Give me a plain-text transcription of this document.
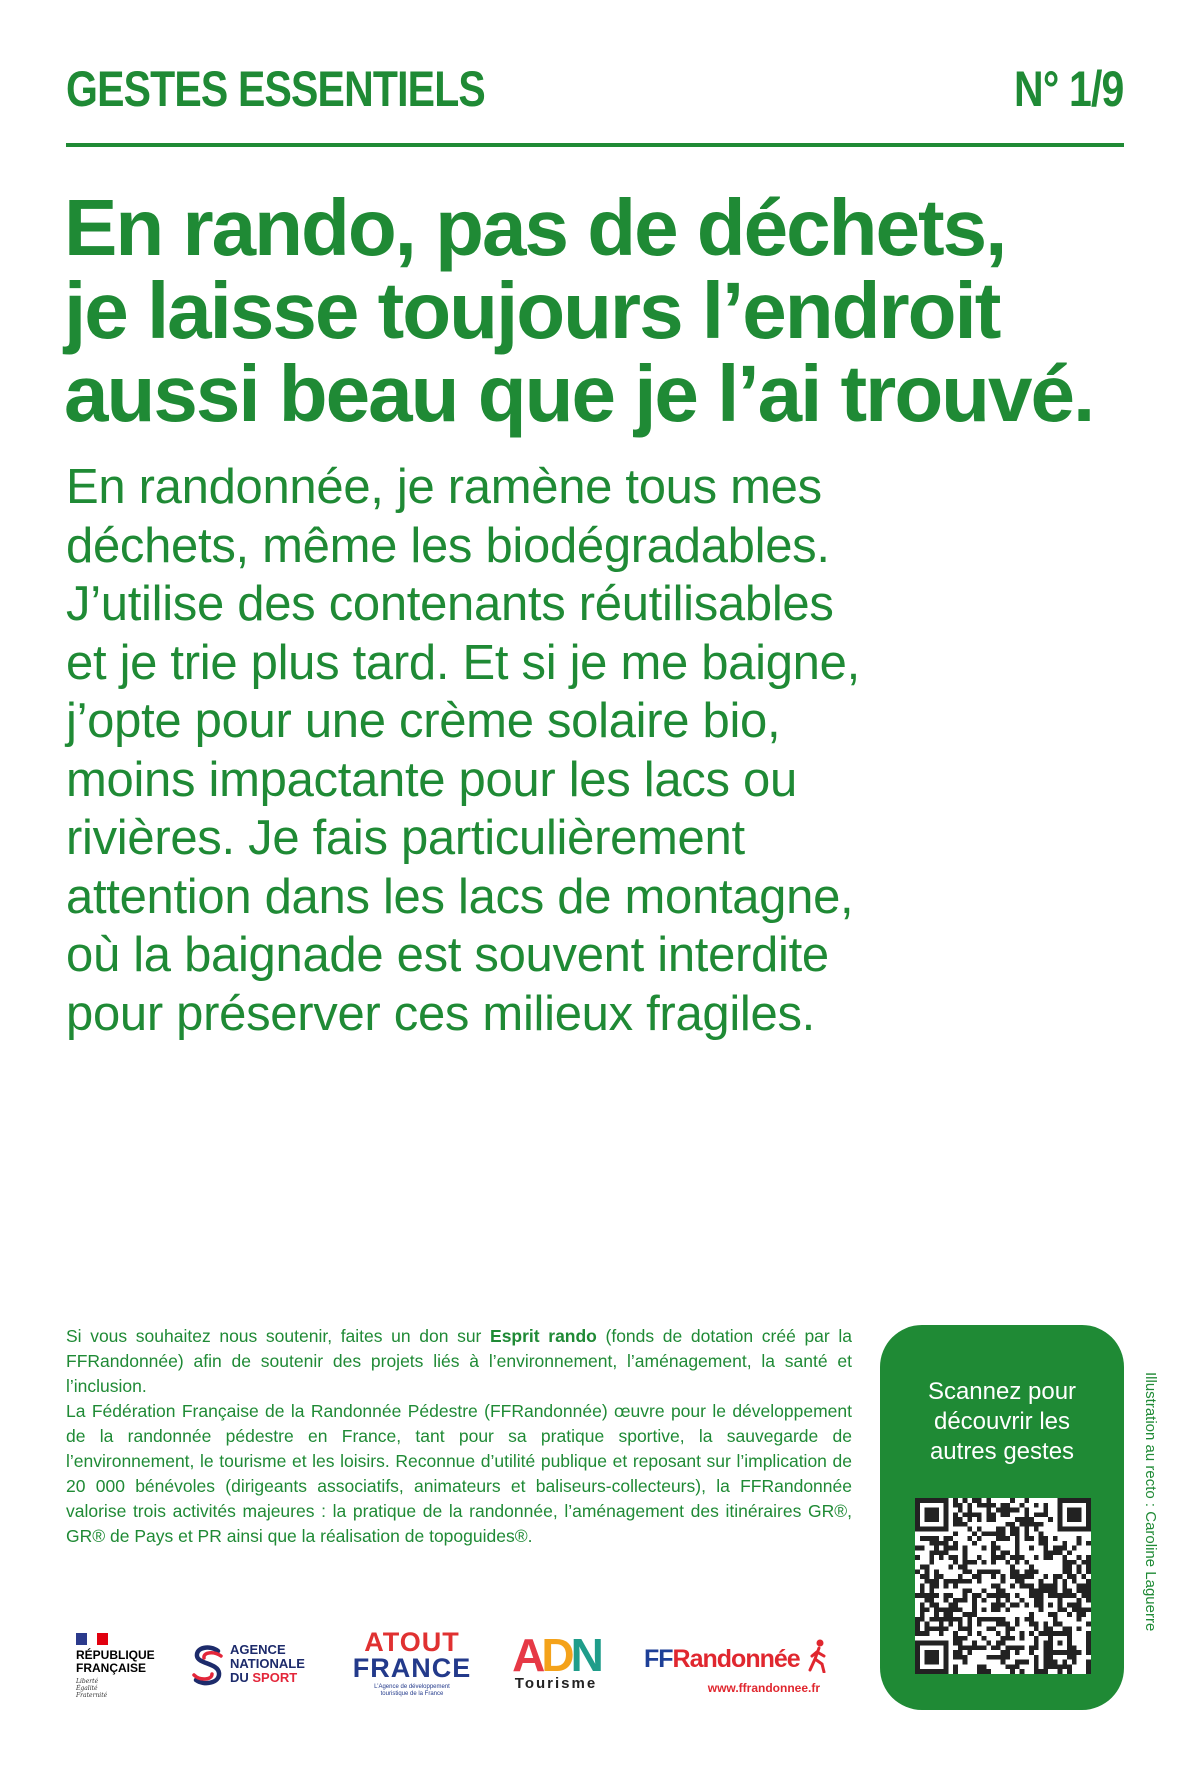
GESTES ESSENTIELS	N° 1/9
En rando, pas de déchets,
je laisse toujours l’endroit
aussi beau que je l’ai trouvé.
En randonnée, je ramène tous mes
déchets, même les biodégradables.
J’utilise des contenants réutilisables
et je trie plus tard. Et si je me baigne,
j’opte pour une crème solaire bio,
moins impactante pour les lacs ou
rivières. Je fais particulièrement
attention dans les lacs de montagne,
où la baignade est souvent interdite
pour préserver ces milieux fragiles.

Si vous souhaitez nous soutenir, faites un don sur Esprit rando (fonds de dotation créé par la FFRandonnée) afin de soutenir des projets liés à l’environnement, l’aménagement, la santé et l’inclusion.

La Fédération Française de la Randonnée Pédestre (FFRandonnée) œuvre pour le développement de la randonnée pédestre en France, tant pour sa pratique sportive, la sauvegarde de l’environnement, le tourisme et les loisirs. Reconnue d’utilité publique et reposant sur l’implication de 20 000 bénévoles (dirigeants associatifs, animateurs et baliseurs-collecteurs), la FFRandonnée valorise trois activités majeures : la pratique de la randonnée, l’aménagement des itinéraires GR®, GR® de Pays et PR ainsi que la réalisation de topoguides®.

Scannez pour
découvrir les
autres gestes	Illustration au recto : Caroline Laguerre
RÉPUBLIQUE
FRANÇAISE
Liberté
Égalité
Fraternité
AGENCE
NATIONALE
DU SPORT
ATOUT
FRANCE
L’Agence de développement
touristique de la France
ADN
Tourisme
FFRandonnée
www.ffrandonnee.fr
